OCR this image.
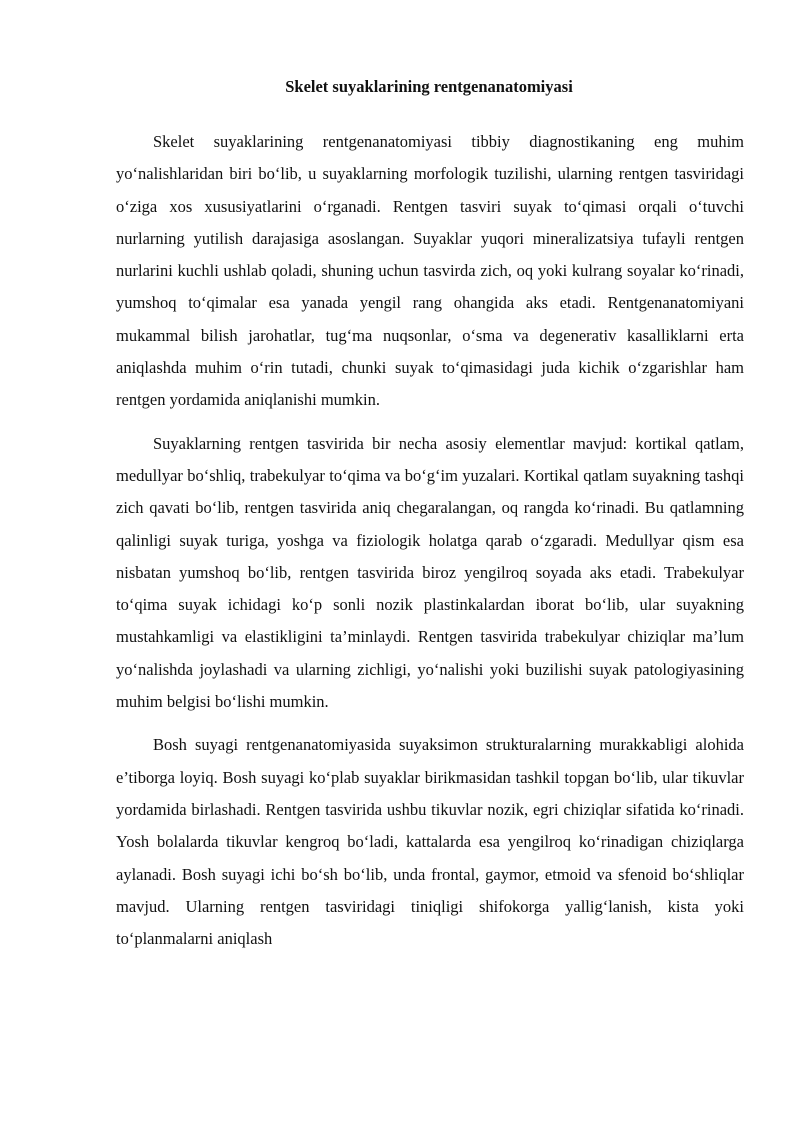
Skelet suyaklarining rentgenanatomiyasi

Skelet suyaklarining rentgenanatomiyasi tibbiy diagnostikaning eng muhim yo‘nalishlaridan biri bo‘lib, u suyaklarning morfologik tuzilishi, ularning rentgen tasviridagi o‘ziga xos xususiyatlarini o‘rganadi. Rentgen tasviri suyak to‘qimasi orqali o‘tuvchi nurlarning yutilish darajasiga asoslangan. Suyaklar yuqori mineralizatsiya tufayli rentgen nurlarini kuchli ushlab qoladi, shuning uchun tasvirda zich, oq yoki kulrang soyalar ko‘rinadi, yumshoq to‘qimalar esa yanada yengil rang ohangida aks etadi. Rentgenanatomiyani mukammal bilish jarohatlar, tug‘ma nuqsonlar, o‘sma va degenerativ kasalliklarni erta aniqlashda muhim o‘rin tutadi, chunki suyak to‘qimasidagi juda kichik o‘zgarishlar ham rentgen yordamida aniqlanishi mumkin.

Suyaklarning rentgen tasvirida bir necha asosiy elementlar mavjud: kortikal qatlam, medullyar bo‘shliq, trabekulyar to‘qima va bo‘g‘im yuzalari. Kortikal qatlam suyakning tashqi zich qavati bo‘lib, rentgen tasvirida aniq chegaralangan, oq rangda ko‘rinadi. Bu qatlamning qalinligi suyak turiga, yoshga va fiziologik holatga qarab o‘zgaradi. Medullyar qism esa nisbatan yumshoq bo‘lib, rentgen tasvirida biroz yengilroq soyada aks etadi. Trabekulyar to‘qima suyak ichidagi ko‘p sonli nozik plastinkalardan iborat bo‘lib, ular suyakning mustahkamligi va elastikligini ta’minlaydi. Rentgen tasvirida trabekulyar chiziqlar ma’lum yo‘nalishda joylashadi va ularning zichligi, yo‘nalishi yoki buzilishi suyak patologiyasining muhim belgisi bo‘lishi mumkin.

Bosh suyagi rentgenanatomiyasida suyaksimon strukturalarning murakkabligi alohida e’tiborga loyiq. Bosh suyagi ko‘plab suyaklar birikmasidan tashkil topgan bo‘lib, ular tikuvlar yordamida birlashadi. Rentgen tasvirida ushbu tikuvlar nozik, egri chiziqlar sifatida ko‘rinadi. Yosh bolalarda tikuvlar kengroq bo‘ladi, kattalarda esa yengilroq ko‘rinadigan chiziqlarga aylanadi. Bosh suyagi ichi bo‘sh bo‘lib, unda frontal, gaymor, etmoid va sfenoid bo‘shliqlar mavjud. Ularning rentgen tasviridagi tiniqligi shifokorga yallig‘lanish, kista yoki to‘planmalarni aniqlash
